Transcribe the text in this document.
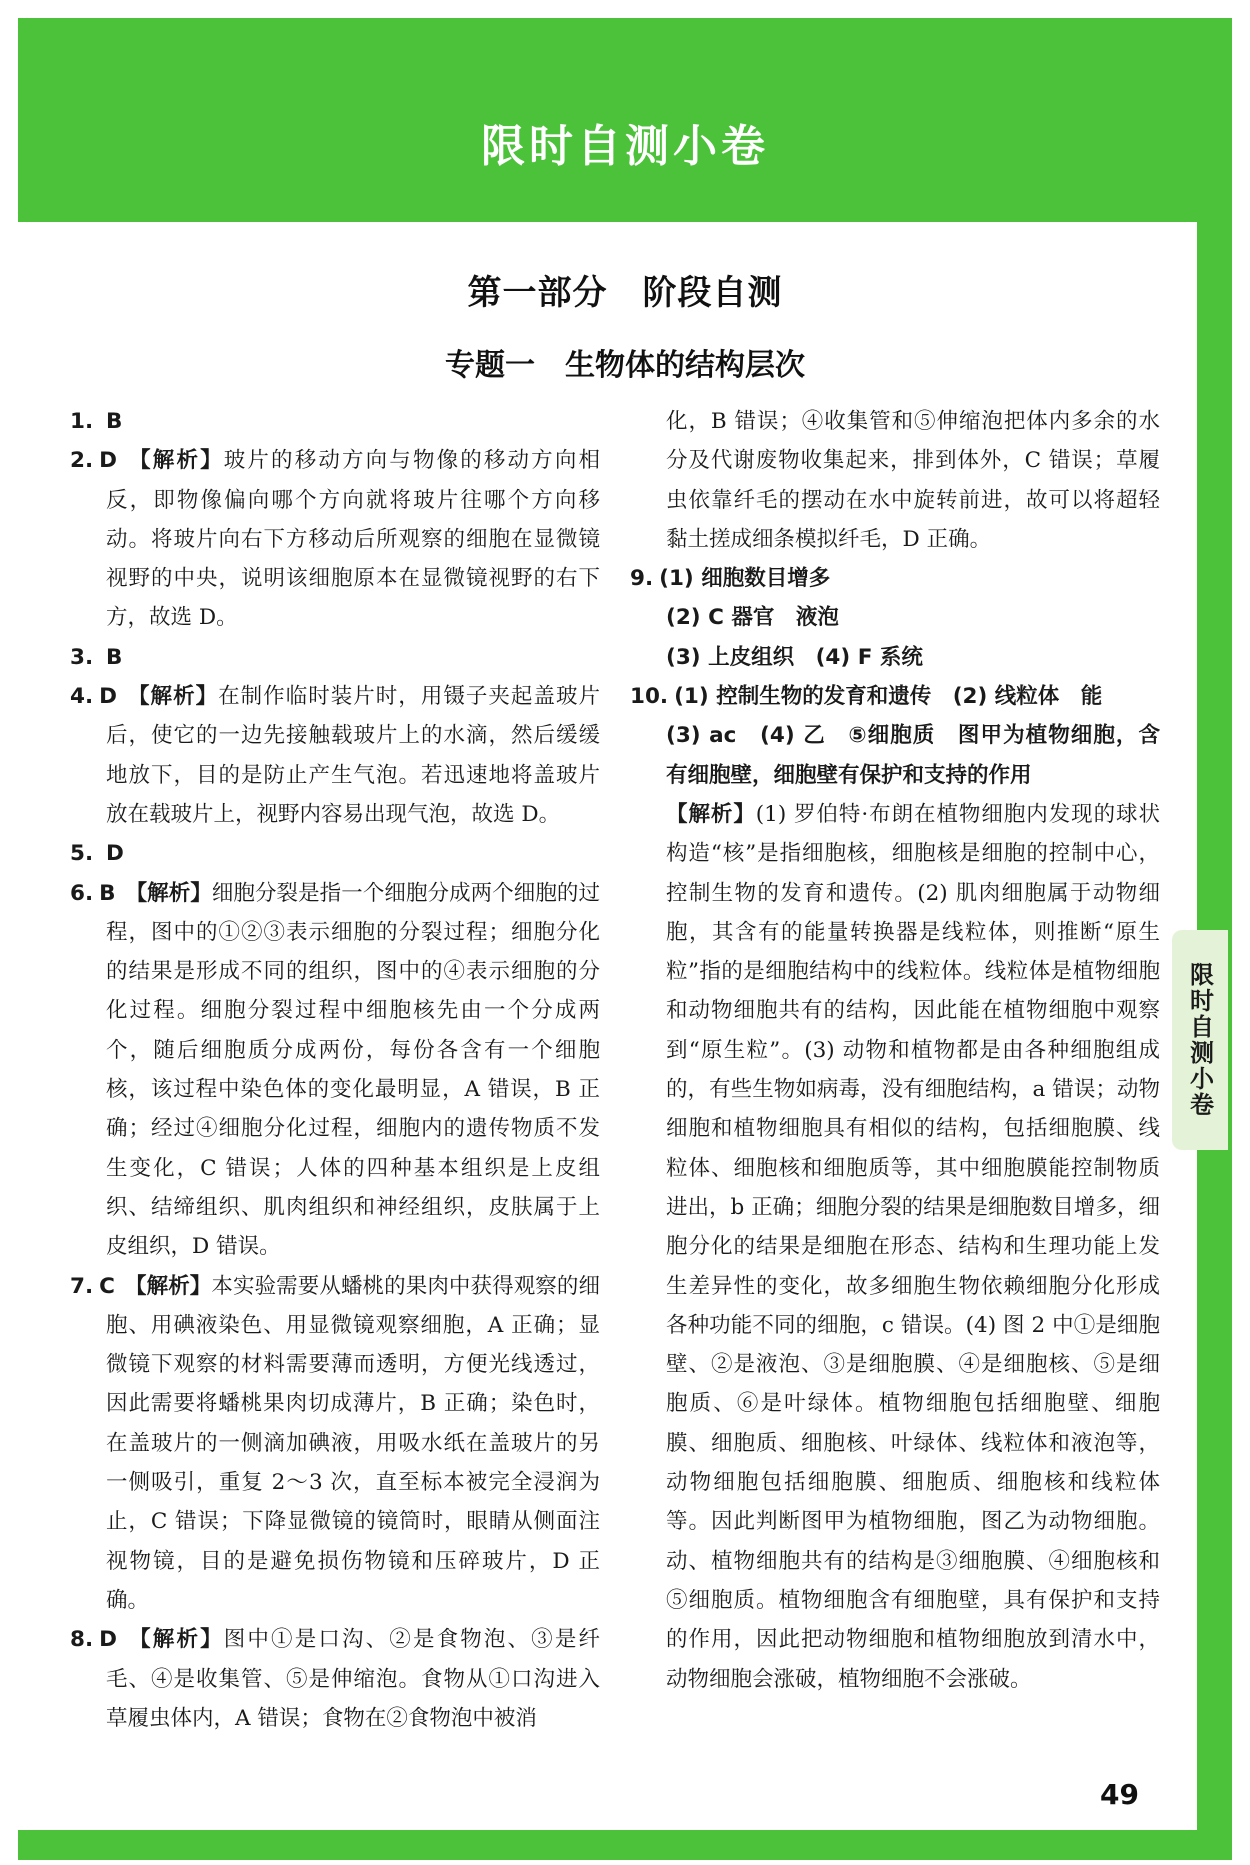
限时自测小卷
第一部分　阶段自测
专题一　生物体的结构层次
限时自测小卷
1. B
2. D 【解析】玻片的移动方向与物像的移动方向相反，即物像偏向哪个方向就将玻片往哪个方向移动。将玻片向右下方移动后所观察的细胞在显微镜视野的中央，说明该细胞原本在显微镜视野的右下方，故选 D。
3. B
4. D 【解析】在制作临时装片时，用镊子夹起盖玻片后，使它的一边先接触载玻片上的水滴，然后缓缓地放下，目的是防止产生气泡。若迅速地将盖玻片放在载玻片上，视野内容易出现气泡，故选 D。
5. D
6. B 【解析】细胞分裂是指一个细胞分成两个细胞的过程，图中的①②③表示细胞的分裂过程；细胞分化的结果是形成不同的组织，图中的④表示细胞的分化过程。细胞分裂过程中细胞核先由一个分成两个，随后细胞质分成两份，每份各含有一个细胞核，该过程中染色体的变化最明显，A 错误，B 正确；经过④细胞分化过程，细胞内的遗传物质不发生变化，C 错误；人体的四种基本组织是上皮组织、结缔组织、肌肉组织和神经组织，皮肤属于上皮组织，D 错误。
7. C 【解析】本实验需要从蟠桃的果肉中获得观察的细胞、用碘液染色、用显微镜观察细胞，A 正确；显微镜下观察的材料需要薄而透明，方便光线透过，因此需要将蟠桃果肉切成薄片，B 正确；染色时，在盖玻片的一侧滴加碘液，用吸水纸在盖玻片的另一侧吸引，重复 2～3 次，直至标本被完全浸润为止，C 错误；下降显微镜的镜筒时，眼睛从侧面注视物镜，目的是避免损伤物镜和压碎玻片，D 正确。
8. D 【解析】图中①是口沟、②是食物泡、③是纤毛、④是收集管、⑤是伸缩泡。食物从①口沟进入草履虫体内，A 错误；食物在②食物泡中被消
化，B 错误；④收集管和⑤伸缩泡把体内多余的水分及代谢废物收集起来，排到体外，C 错误；草履虫依靠纤毛的摆动在水中旋转前进，故可以将超轻黏土搓成细条模拟纤毛，D 正确。
9. (1) 细胞数目增多
(2) C 器官　液泡
(3) 上皮组织　(4) F 系统
10. (1) 控制生物的发育和遗传　(2) 线粒体　能
(3) ac　(4) 乙　⑤细胞质　图甲为植物细胞，含有细胞壁，细胞壁有保护和支持的作用
【解析】(1) 罗伯特·布朗在植物细胞内发现的球状构造“核”是指细胞核，细胞核是细胞的控制中心，控制生物的发育和遗传。(2) 肌肉细胞属于动物细胞，其含有的能量转换器是线粒体，则推断“原生粒”指的是细胞结构中的线粒体。线粒体是植物细胞和动物细胞共有的结构，因此能在植物细胞中观察到“原生粒”。(3) 动物和植物都是由各种细胞组成的，有些生物如病毒，没有细胞结构，a 错误；动物细胞和植物细胞具有相似的结构，包括细胞膜、线粒体、细胞核和细胞质等，其中细胞膜能控制物质进出，b 正确；细胞分裂的结果是细胞数目增多，细胞分化的结果是细胞在形态、结构和生理功能上发生差异性的变化，故多细胞生物依赖细胞分化形成各种功能不同的细胞，c 错误。(4) 图 2 中①是细胞壁、②是液泡、③是细胞膜、④是细胞核、⑤是细胞质、⑥是叶绿体。植物细胞包括细胞壁、细胞膜、细胞质、细胞核、叶绿体、线粒体和液泡等，动物细胞包括细胞膜、细胞质、细胞核和线粒体等。因此判断图甲为植物细胞，图乙为动物细胞。动、植物细胞共有的结构是③细胞膜、④细胞核和⑤细胞质。植物细胞含有细胞壁，具有保护和支持的作用，因此把动物细胞和植物细胞放到清水中，动物细胞会涨破，植物细胞不会涨破。
49
